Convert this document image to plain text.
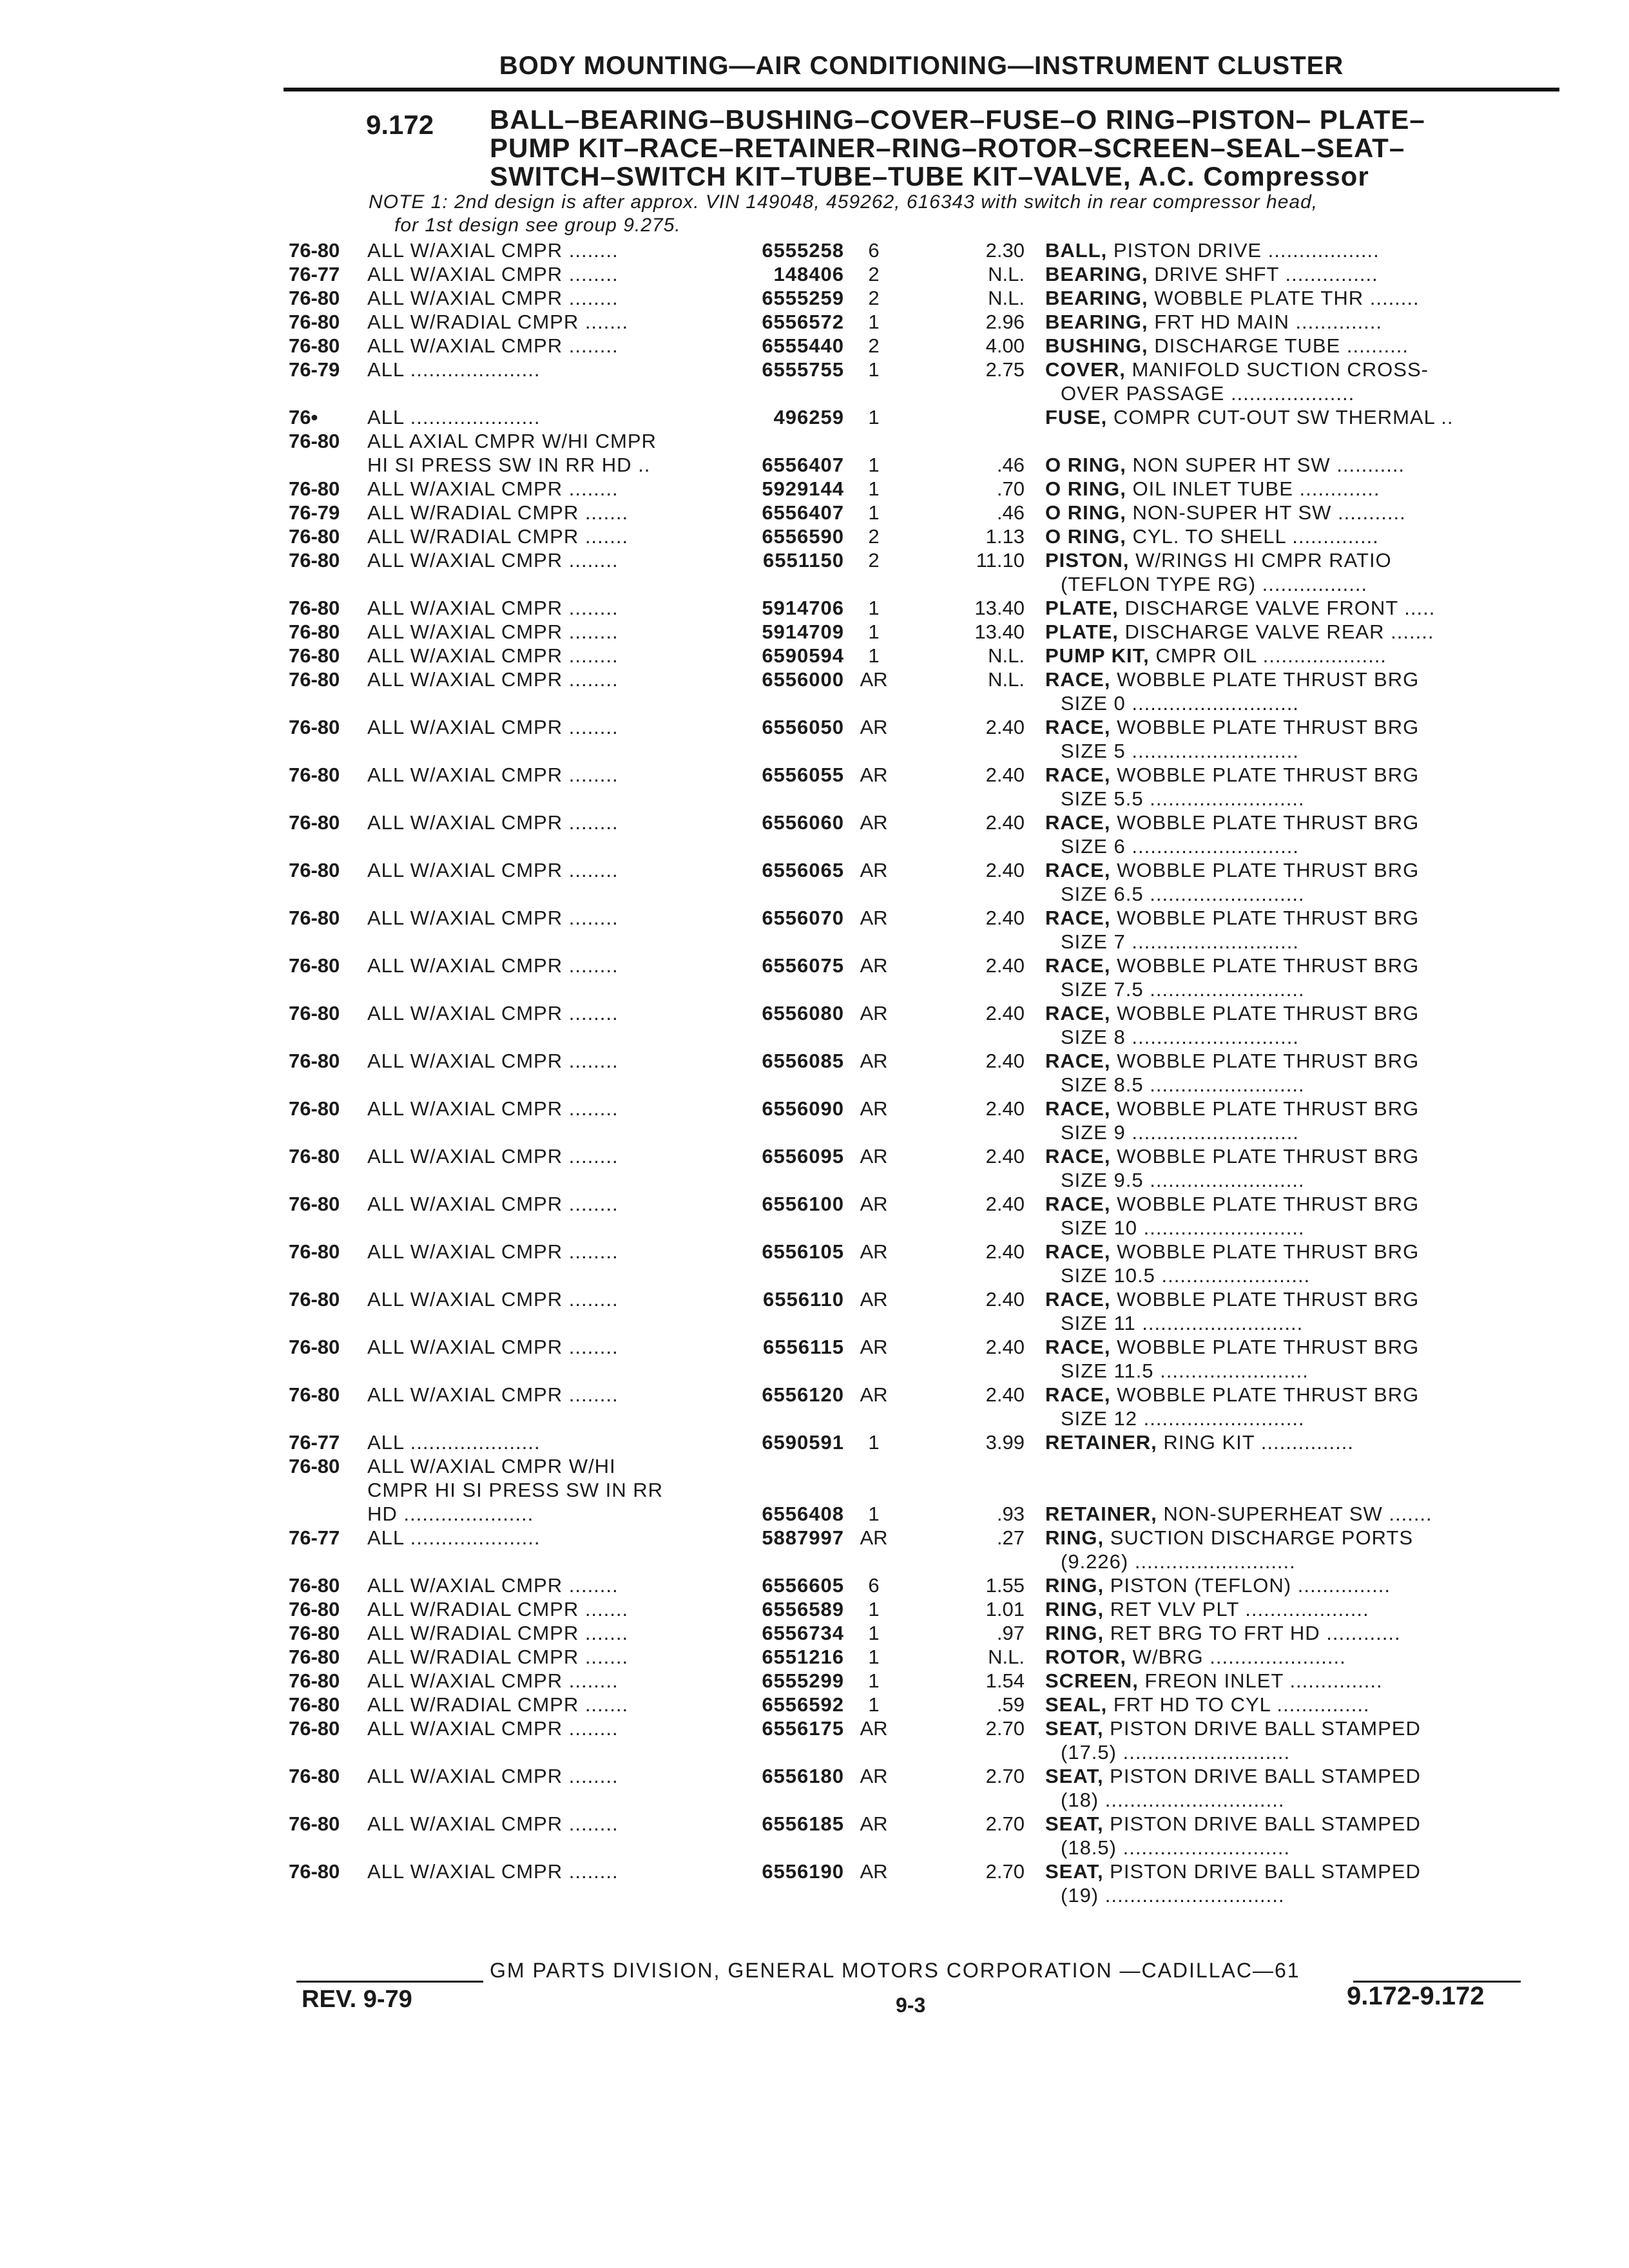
BODY MOUNTING—AIR CONDITIONING—INSTRUMENT CLUSTER
9.172 BALL–BEARING–BUSHING–COVER–FUSE–O RING–PISTON– PLATE–
PUMP KIT–RACE–RETAINER–RING–ROTOR–SCREEN–SEAL–SEAT–
SWITCH–SWITCH KIT–TUBE–TUBE KIT–VALVE, A.C. Compressor
NOTE 1: 2nd design is after approx. VIN 149048, 459262, 616343 with switch in rear compressor head,
for 1st design see group 9.275.
76-80 ALL W/AXIAL CMPR ........	6555258	6	2.30 BALL, PISTON DRIVE ..................
76-77 ALL W/AXIAL CMPR ........	148406	2	N.L. BEARING, DRIVE SHFT ...............
76-80 ALL W/AXIAL CMPR ........	6555259	2	N.L. BEARING, WOBBLE PLATE THR ........
76-80 ALL W/RADIAL CMPR .......	6556572	1	2.96 BEARING, FRT HD MAIN ..............
76-80 ALL W/AXIAL CMPR ........	6555440	2	4.00 BUSHING, DISCHARGE TUBE ..........
76-79 ALL .....................	6555755	1	2.75 COVER, MANIFOLD SUCTION CROSS-
OVER PASSAGE ....................
76• ALL .....................	496259	1	FUSE, COMPR CUT-OUT SW THERMAL ..
76-80 ALL AXIAL CMPR W/HI CMPR
HI SI PRESS SW IN RR HD ..	6556407	1	.46 O RING, NON SUPER HT SW ...........
76-80 ALL W/AXIAL CMPR ........	5929144	1	.70 O RING, OIL INLET TUBE .............
76-79 ALL W/RADIAL CMPR .......	6556407	1	.46 O RING, NON-SUPER HT SW ...........
76-80 ALL W/RADIAL CMPR .......	6556590	2	1.13 O RING, CYL. TO SHELL ..............
76-80 ALL W/AXIAL CMPR ........	6551150	2	11.10 PISTON, W/RINGS HI CMPR RATIO
(TEFLON TYPE RG) .................
76-80 ALL W/AXIAL CMPR ........	5914706	1	13.40 PLATE, DISCHARGE VALVE FRONT .....
76-80 ALL W/AXIAL CMPR ........	5914709	1	13.40 PLATE, DISCHARGE VALVE REAR .......
76-80 ALL W/AXIAL CMPR ........	6590594	1	N.L. PUMP KIT, CMPR OIL ....................
76-80 ALL W/AXIAL CMPR ........	6556000 AR	N.L. RACE, WOBBLE PLATE THRUST BRG
SIZE 0 ...........................
76-80 ALL W/AXIAL CMPR ........	6556050 AR	2.40 RACE, WOBBLE PLATE THRUST BRG
SIZE 5 ...........................
76-80 ALL W/AXIAL CMPR ........	6556055 AR	2.40 RACE, WOBBLE PLATE THRUST BRG
SIZE 5.5 .........................
76-80 ALL W/AXIAL CMPR ........	6556060 AR	2.40 RACE, WOBBLE PLATE THRUST BRG
SIZE 6 ...........................
76-80 ALL W/AXIAL CMPR ........	6556065 AR	2.40 RACE, WOBBLE PLATE THRUST BRG
SIZE 6.5 .........................
76-80 ALL W/AXIAL CMPR ........	6556070 AR	2.40 RACE, WOBBLE PLATE THRUST BRG
SIZE 7 ...........................
76-80 ALL W/AXIAL CMPR ........	6556075 AR	2.40 RACE, WOBBLE PLATE THRUST BRG
SIZE 7.5 .........................
76-80 ALL W/AXIAL CMPR ........	6556080 AR	2.40 RACE, WOBBLE PLATE THRUST BRG
SIZE 8 ...........................
76-80 ALL W/AXIAL CMPR ........	6556085 AR	2.40 RACE, WOBBLE PLATE THRUST BRG
SIZE 8.5 .........................
76-80 ALL W/AXIAL CMPR ........	6556090 AR	2.40 RACE, WOBBLE PLATE THRUST BRG
SIZE 9 ...........................
76-80 ALL W/AXIAL CMPR ........	6556095 AR	2.40 RACE, WOBBLE PLATE THRUST BRG
SIZE 9.5 .........................
76-80 ALL W/AXIAL CMPR ........	6556100 AR	2.40 RACE, WOBBLE PLATE THRUST BRG
SIZE 10 ..........................
76-80 ALL W/AXIAL CMPR ........	6556105 AR	2.40 RACE, WOBBLE PLATE THRUST BRG
SIZE 10.5 ........................
76-80 ALL W/AXIAL CMPR ........	6556110 AR	2.40 RACE, WOBBLE PLATE THRUST BRG
SIZE 11 ..........................
76-80 ALL W/AXIAL CMPR ........	6556115 AR	2.40 RACE, WOBBLE PLATE THRUST BRG
SIZE 11.5 ........................
76-80 ALL W/AXIAL CMPR ........	6556120 AR	2.40 RACE, WOBBLE PLATE THRUST BRG
SIZE 12 ..........................
76-77 ALL .....................	6590591	1	3.99 RETAINER, RING KIT ...............
76-80 ALL W/AXIAL CMPR W/HI
CMPR HI SI PRESS SW IN RR
HD .....................	6556408	1	.93 RETAINER, NON-SUPERHEAT SW .......
76-77 ALL .....................	5887997 AR	.27 RING, SUCTION DISCHARGE PORTS
(9.226) ..........................
76-80 ALL W/AXIAL CMPR ........	6556605	6	1.55 RING, PISTON (TEFLON) ...............
76-80 ALL W/RADIAL CMPR .......	6556589	1	1.01 RING, RET VLV PLT ....................
76-80 ALL W/RADIAL CMPR .......	6556734	1	.97 RING, RET BRG TO FRT HD ............
76-80 ALL W/RADIAL CMPR .......	6551216	1	N.L. ROTOR, W/BRG ......................
76-80 ALL W/AXIAL CMPR ........	6555299	1	1.54 SCREEN, FREON INLET ...............
76-80 ALL W/RADIAL CMPR .......	6556592	1	.59 SEAL, FRT HD TO CYL ...............
76-80 ALL W/AXIAL CMPR ........	6556175 AR	2.70 SEAT, PISTON DRIVE BALL STAMPED
(17.5) ...........................
76-80 ALL W/AXIAL CMPR ........	6556180 AR	2.70 SEAT, PISTON DRIVE BALL STAMPED
(18) .............................
76-80 ALL W/AXIAL CMPR ........	6556185 AR	2.70 SEAT, PISTON DRIVE BALL STAMPED
(18.5) ...........................
76-80 ALL W/AXIAL CMPR ........	6556190 AR	2.70 SEAT, PISTON DRIVE BALL STAMPED
(19) .............................
GM PARTS DIVISION, GENERAL MOTORS CORPORATION —CADILLAC—61
REV. 9-79	9-3	9.172-9.172
